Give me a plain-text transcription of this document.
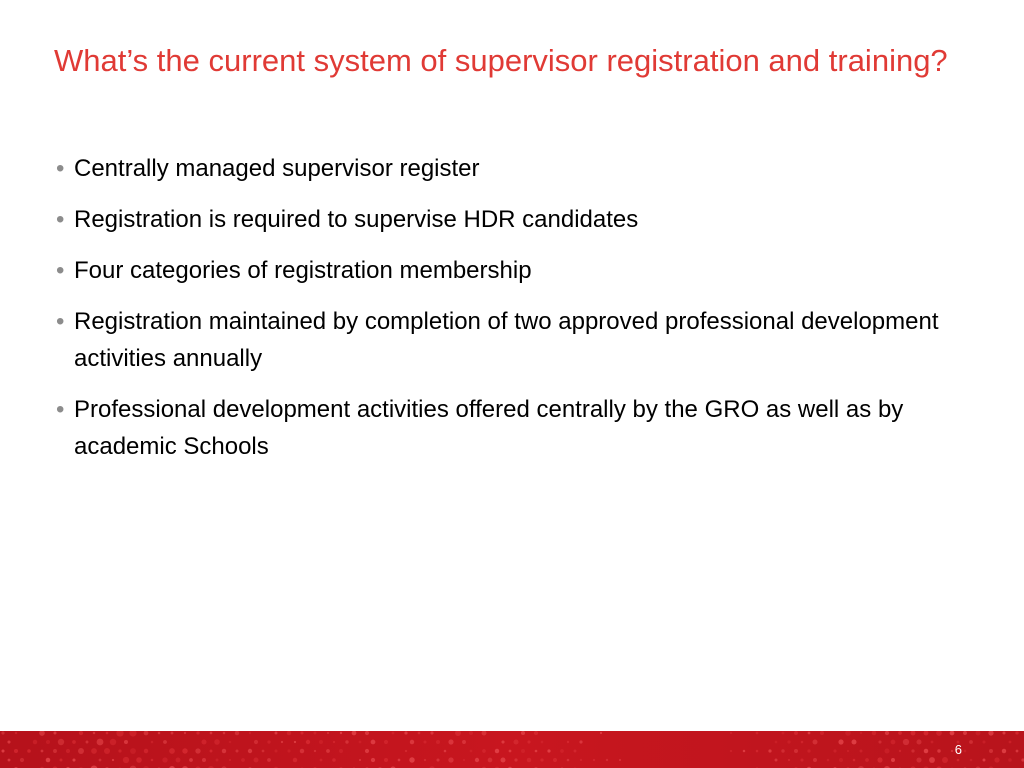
What’s the current system of supervisor registration and training?
• Centrally managed supervisor register
• Registration is required to supervise HDR candidates
• Four categories of registration membership
• Registration maintained by completion of two approved professional development activities annually
• Professional development activities offered centrally by the GRO as well as by academic Schools
6
